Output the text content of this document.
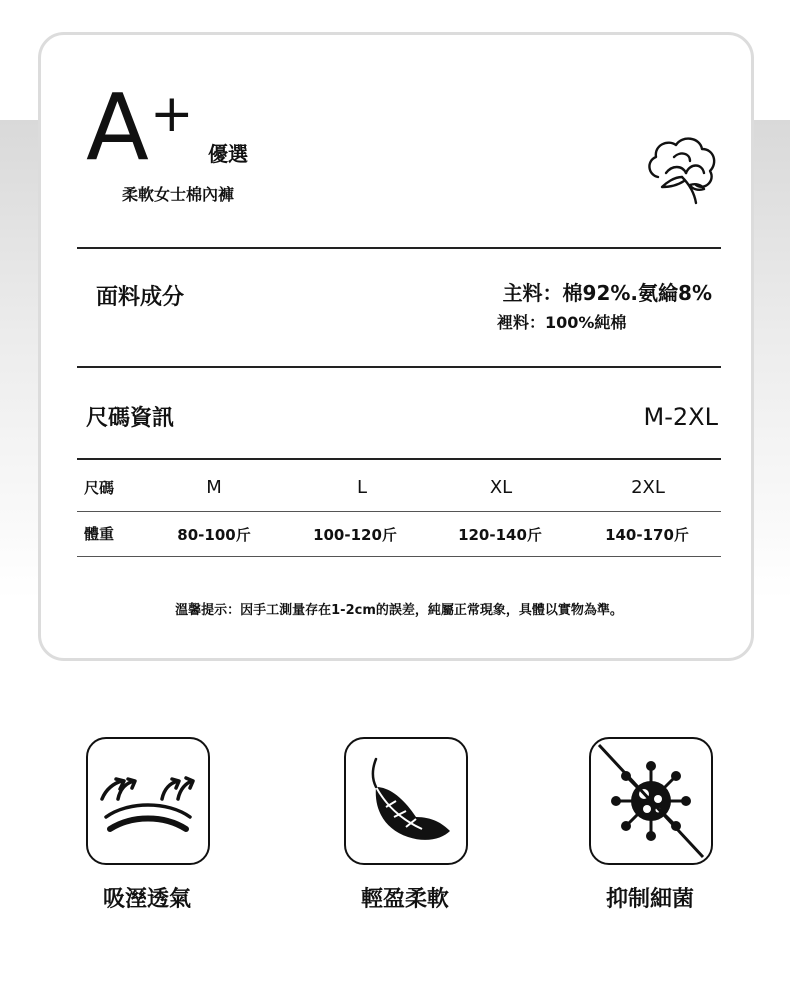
A +
優選
柔軟女士棉內褲
面料成分	主料：棉92%.氨綸8%
裡料：100%純棉
尺碼資訊	M-2XL
尺碼	M	L	XL	2XL
體重	80-100斤	100-120斤	120-140斤	140-170斤
溫馨提示：因手工測量存在1-2cm的誤差，純屬正常現象，具體以實物為準。
吸溼透氣	輕盈柔軟	抑制細菌
